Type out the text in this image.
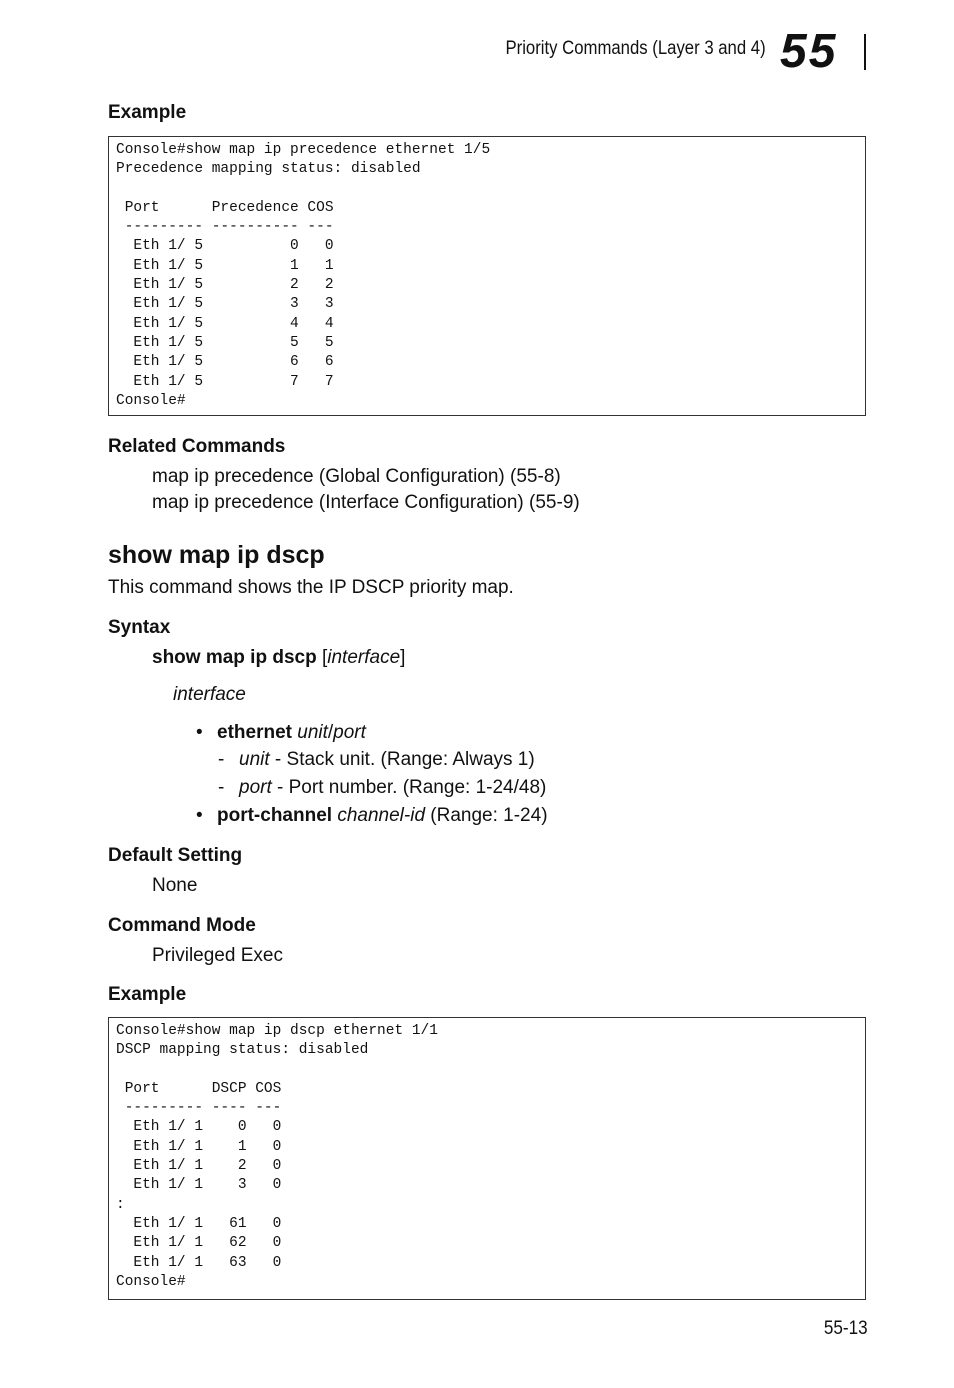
Priority Commands (Layer 3 and 4) 55
Example
Console#show map ip precedence ethernet 1/5
Precedence mapping status: disabled

Port      Precedence COS
--------- ---------- ---
Eth 1/ 5          0   0
Eth 1/ 5          1   1
Eth 1/ 5          2   2
Eth 1/ 5          3   3
Eth 1/ 5          4   4
Eth 1/ 5          5   5
Eth 1/ 5          6   6
Eth 1/ 5          7   7
Console#
Related Commands
map ip precedence (Global Configuration) (55-8)
map ip precedence (Interface Configuration) (55-9)
show map ip dscp
This command shows the IP DSCP priority map.
Syntax
show map ip dscp [interface]
interface
• ethernet unit/port
- unit - Stack unit. (Range: Always 1)
- port - Port number. (Range: 1-24/48)
• port-channel channel-id (Range: 1-24)
Default Setting
None
Command Mode
Privileged Exec
Example
Console#show map ip dscp ethernet 1/1
DSCP mapping status: disabled

Port      DSCP COS
--------- ---- ---
Eth 1/ 1    0   0
Eth 1/ 1    1   0
Eth 1/ 1    2   0
Eth 1/ 1    3   0
:
Eth 1/ 1   61   0
Eth 1/ 1   62   0
Eth 1/ 1   63   0
Console#
55-13
